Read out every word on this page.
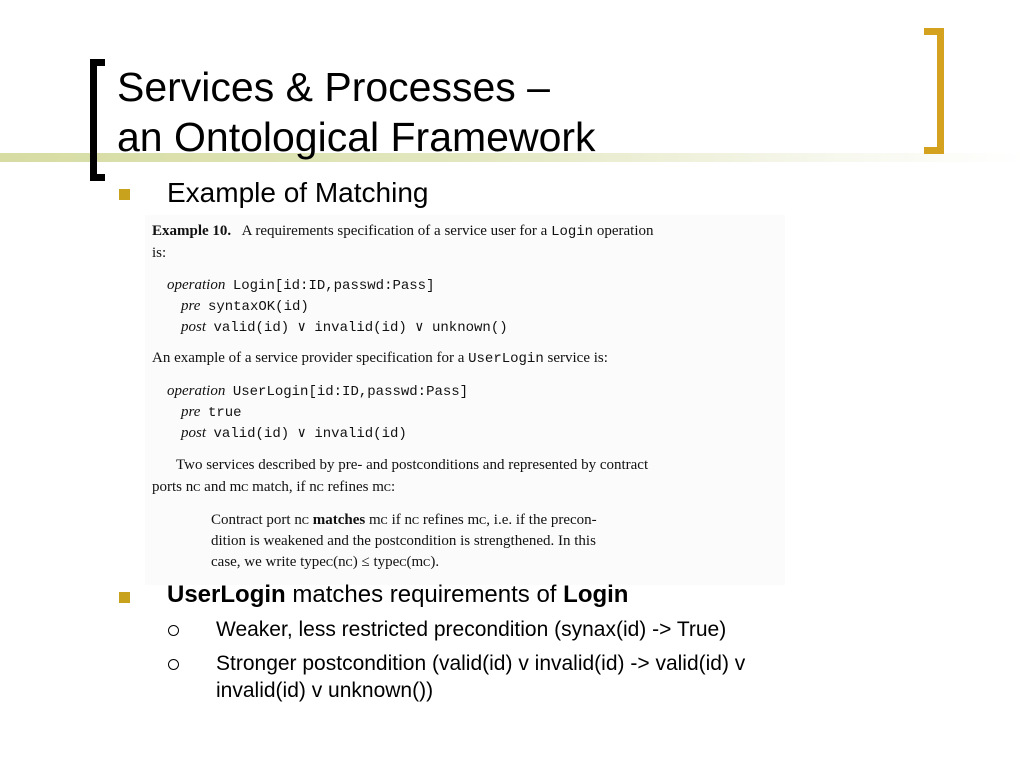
Services & Processes –
an Ontological Framework
Example of Matching
Example 10. A requirements specification of a service user for a Login operation
is:
operation Login[id:ID,passwd:Pass]
pre syntaxOK(id)
post valid(id) ∨ invalid(id) ∨ unknown()
An example of a service provider specification for a UserLogin service is:
operation UserLogin[id:ID,passwd:Pass]
pre true
post valid(id) ∨ invalid(id)
Two services described by pre- and postconditions and represented by contract
ports nᴄ and mᴄ match, if nᴄ refines mᴄ:
Contract port nᴄ matches mᴄ if nᴄ refines mᴄ, i.e. if the precon-
dition is weakened and the postcondition is strengthened. In this
case, we write typeᴄ(nᴄ) ≤ typeᴄ(mᴄ).
UserLogin matches requirements of Login
Weaker, less restricted precondition (synax(id) -> True)
Stronger postcondition (valid(id) v invalid(id) -> valid(id) v
invalid(id) v unknown())
